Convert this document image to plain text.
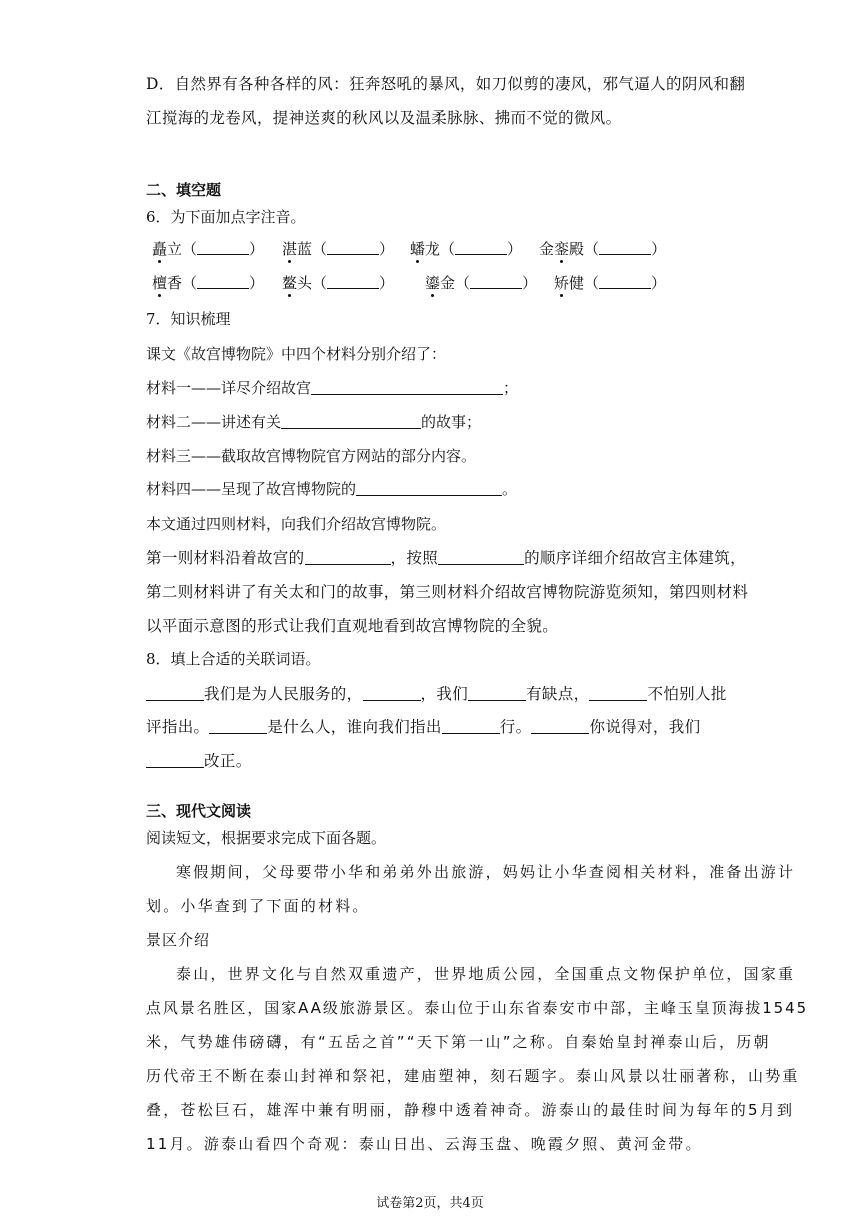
D．自然界有各种各样的风：狂奔怒吼的暴风，如刀似剪的凄风，邪气逼人的阴风和翻
江搅海的龙卷风，提神送爽的秋风以及温柔脉脉、拂而不觉的微风。
二、填空题
6．为下面加点字注音。
矗立（	） 湛蓝（	） 蟠龙（	） 金銮殿（	）
檀香（	） 鳌头（	） 鎏金（	） 矫健（	）
7．知识梳理
课文《故宫博物院》中四个材料分别介绍了：
材料一——详尽介绍故宫	；
材料二——讲述有关	的故事；
材料三——截取故宫博物院官方网站的部分内容。
材料四——呈现了故宫博物院的	。
本文通过四则材料，向我们介绍故宫博物院。
第一则材料沿着故宫的	，按照	的顺序详细介绍故宫主体建筑，
第二则材料讲了有关太和门的故事，第三则材料介绍故宫博物院游览须知，第四则材料
以平面示意图的形式让我们直观地看到故宫博物院的全貌。
8．填上合适的关联词语。
我们是为人民服务的，	，我们	有缺点，	不怕别人批
评指出。	是什么人，谁向我们指出	行。	你说得对，我们
改正。
三、现代文阅读
阅读短文，根据要求完成下面各题。
寒假期间，父母要带小华和弟弟外出旅游，妈妈让小华查阅相关材料，准备出游计
划。小华查到了下面的材料。
景区介绍
泰山，世界文化与自然双重遗产，世界地质公园，全国重点文物保护单位，国家重
点风景名胜区，国家AA级旅游景区。泰山位于山东省泰安市中部，主峰玉皇顶海拔1545
米，气势雄伟磅礴，有“五岳之首”“天下第一山”之称。自秦始皇封禅泰山后，历朝
历代帝王不断在泰山封禅和祭祀，建庙塑神，刻石题字。泰山风景以壮丽著称，山势重
叠，苍松巨石，雄浑中兼有明丽，静穆中透着神奇。游泰山的最佳时间为每年的5月到
11月。游泰山看四个奇观：泰山日出、云海玉盘、晚霞夕照、黄河金带。
试卷第2页，共4页
